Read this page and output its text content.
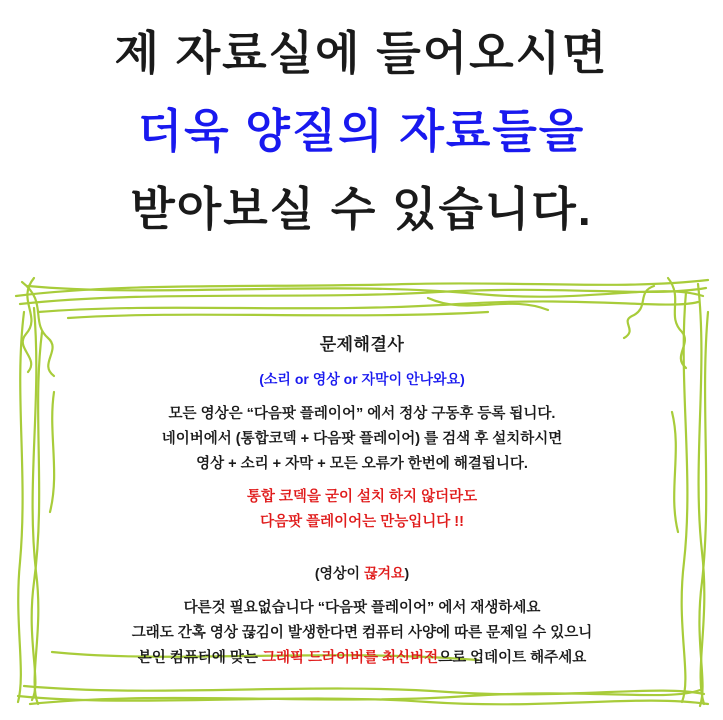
제 자료실에 들어오시면
더욱 양질의 자료들을
받아보실 수 있습니다.
문제해결사
(소리 or 영상 or 자막이 안나와요)
모든 영상은 “다음팟 플레이어” 에서 정상 구동후 등록 됩니다.
네이버에서 (통합코덱 + 다음팟 플레이어) 를 검색 후 설치하시면
영상 + 소리 + 자막 + 모든 오류가 한번에 해결됩니다.
통합 코덱을 굳이 설치 하지 않더라도
다음팟 플레이어는 만능입니다 !!
(영상이 끊겨요)
다른것 필요없습니다 “다음팟 플레이어” 에서 재생하세요
그래도 간혹 영상 끊김이 발생한다면 컴퓨터 사양에 따른 문제일 수 있으니
본인 컴퓨터에 맞는 그래픽 드라이버를 최신버전으로 업데이트 해주세요
